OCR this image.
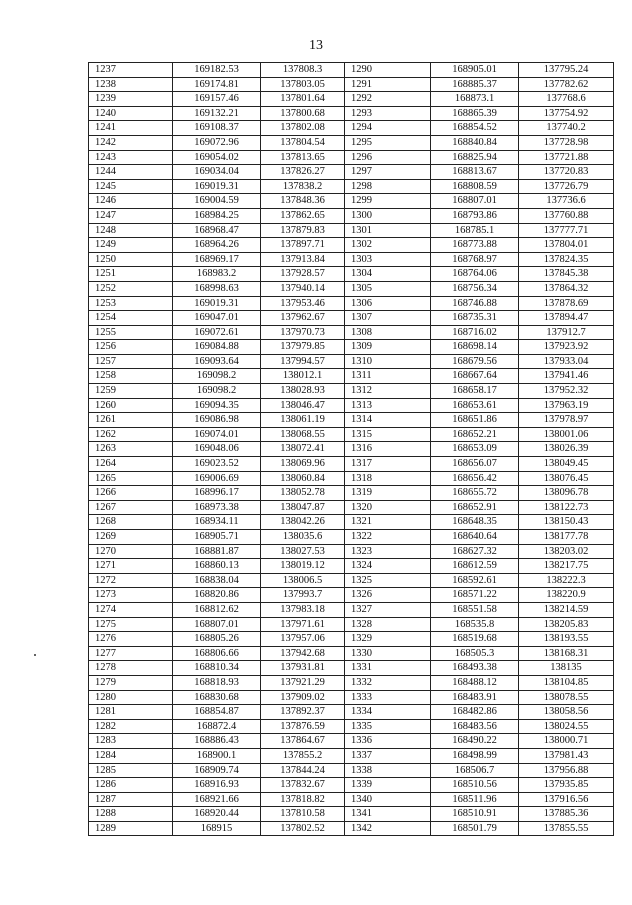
13
1237	169182.53	137808.3	1290	168905.01	137795.24
1238	169174.81	137803.05	1291	168885.37	137782.62
1239	169157.46	137801.64	1292	168873.1	137768.6
1240	169132.21	137800.68	1293	168865.39	137754.92
1241	169108.37	137802.08	1294	168854.52	137740.2
1242	169072.96	137804.54	1295	168840.84	137728.98
1243	169054.02	137813.65	1296	168825.94	137721.88
1244	169034.04	137826.27	1297	168813.67	137720.83
1245	169019.31	137838.2	1298	168808.59	137726.79
1246	169004.59	137848.36	1299	168807.01	137736.6
1247	168984.25	137862.65	1300	168793.86	137760.88
1248	168968.47	137879.83	1301	168785.1	137777.71
1249	168964.26	137897.71	1302	168773.88	137804.01
1250	168969.17	137913.84	1303	168768.97	137824.35
1251	168983.2	137928.57	1304	168764.06	137845.38
1252	168998.63	137940.14	1305	168756.34	137864.32
1253	169019.31	137953.46	1306	168746.88	137878.69
1254	169047.01	137962.67	1307	168735.31	137894.47
1255	169072.61	137970.73	1308	168716.02	137912.7
1256	169084.88	137979.85	1309	168698.14	137923.92
1257	169093.64	137994.57	1310	168679.56	137933.04
1258	169098.2	138012.1	1311	168667.64	137941.46
1259	169098.2	138028.93	1312	168658.17	137952.32
1260	169094.35	138046.47	1313	168653.61	137963.19
1261	169086.98	138061.19	1314	168651.86	137978.97
1262	169074.01	138068.55	1315	168652.21	138001.06
1263	169048.06	138072.41	1316	168653.09	138026.39
1264	169023.52	138069.96	1317	168656.07	138049.45
1265	169006.69	138060.84	1318	168656.42	138076.45
1266	168996.17	138052.78	1319	168655.72	138096.78
1267	168973.38	138047.87	1320	168652.91	138122.73
1268	168934.11	138042.26	1321	168648.35	138150.43
1269	168905.71	138035.6	1322	168640.64	138177.78
1270	168881.87	138027.53	1323	168627.32	138203.02
1271	168860.13	138019.12	1324	168612.59	138217.75
1272	168838.04	138006.5	1325	168592.61	138222.3
1273	168820.86	137993.7	1326	168571.22	138220.9
1274	168812.62	137983.18	1327	168551.58	138214.59
1275	168807.01	137971.61	1328	168535.8	138205.83
1276	168805.26	137957.06	1329	168519.68	138193.55
1277	168806.66	137942.68	1330	168505.3	138168.31
1278	168810.34	137931.81	1331	168493.38	138135
1279	168818.93	137921.29	1332	168488.12	138104.85
1280	168830.68	137909.02	1333	168483.91	138078.55
1281	168854.87	137892.37	1334	168482.86	138058.56
1282	168872.4	137876.59	1335	168483.56	138024.55
1283	168886.43	137864.67	1336	168490.22	138000.71
1284	168900.1	137855.2	1337	168498.99	137981.43
1285	168909.74	137844.24	1338	168506.7	137956.88
1286	168916.93	137832.67	1339	168510.56	137935.85
1287	168921.66	137818.82	1340	168511.96	137916.56
1288	168920.44	137810.58	1341	168510.91	137885.36
1289	168915	137802.52	1342	168501.79	137855.55
